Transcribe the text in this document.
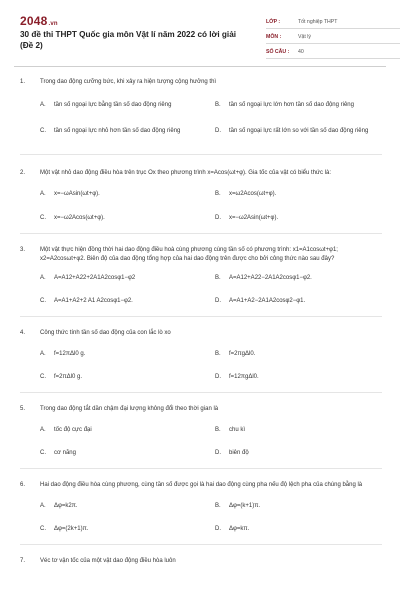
2048.vn
30 đề thi THPT Quốc gia môn Vật lí năm 2022 có lời giải
(Đề 2)
LỚP :	Tốt nghiệp THPT
MÔN :	Vật lý
SỐ CÂU :	40
1.	Trong dao động cưỡng bức, khi xảy ra hiện tượng cộng hưởng thì
A.	tần số ngoại lực bằng tần số dao động riêng	B.	tần số ngoại lực lớn hơn tần số dao động riêng
C.	tần số ngoại lực nhỏ hơn tần số dao động riêng	D.	tần số ngoại lực rất lớn so với tần số dao động riêng
2.	Một vật nhỏ dao động điều hòa trên trục Ox theo phương trình x=Acos(ωt+φ). Gia tốc của vật có biểu thức là:
A.	x=−ωAsin(ωt+φ).	B.	x=ω2Acos(ωt+φ).
C.	x=−ω2Acos(ωt+φ).	D.	x=−ω2Asin(ωt+φ).
3.	Một vật thực hiện đồng thời hai dao động điều hoà cùng phương cùng tần số có phương trình: x1=A1cosωt+φ1; x2=A2cosωt+φ2. Biên độ của dao động tổng hợp của hai dao động trên được cho bởi công thức nào sau đây?
A.	A=A12+A22+2A1A2cosφ1−φ2	B.	A=A12+A22−2A1A2cosφ1−φ2.
C.	A=A1+A2+2 A1 A2cosφ1−φ2.	D.	A=A1+A2−2A1A2cosφ2−φ1.
4.	Công thức tính tần số dao động của con lắc lò xo
A.	f=12πΔl0 g.	B.	f=2πgΔl0.
C.	f=2πΔl0 g.	D.	f=12πgΔl0.
5.	Trong dao động tắt dần chậm đại lượng không đổi theo thời gian là
A.	tốc độ cực đại	B.	chu kì
C.	cơ năng	D.	biên độ
6.	Hai dao động điều hòa cùng phương, cùng tần số được gọi là hai dao động cùng pha nếu độ lệch pha của chúng bằng là
A.	Δφ=k2π.	B.	Δφ=(k+1)π.
C.	Δφ=(2k+1)π.	D.	Δφ=kπ.
7.	Véc tơ vận tốc của một vật dao động điều hòa luôn
